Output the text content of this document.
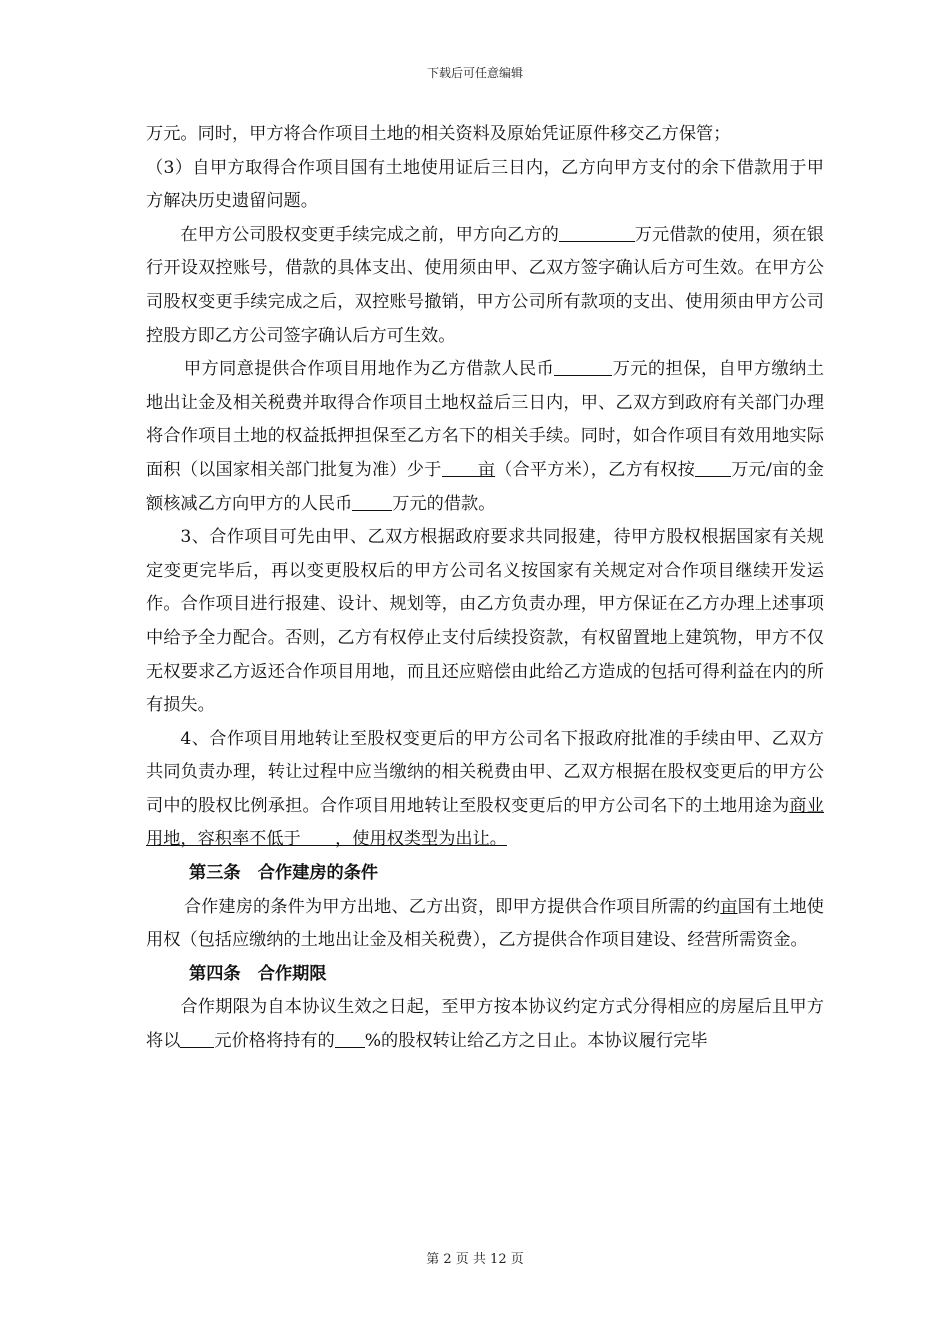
下载后可任意编辑

万元。同时，甲方将合作项目土地的相关资料及原始凭证原件移交乙方保管；

（3）自甲方取得合作项目国有土地使用证后三日内，乙方向甲方支付的余下借款用于甲方解决历史遗留问题。

在甲方公司股权变更手续完成之前，甲方向乙方的	万元借款的使用，须在银行开设双控账号，借款的具体支出、使用须由甲、乙双方签字确认后方可生效。在甲方公司股权变更手续完成之后，双控账号撤销，甲方公司所有款项的支出、使用须由甲方公司控股方即乙方公司签字确认后方可生效。

甲方同意提供合作项目用地作为乙方借款人民币	万元的担保，自甲方缴纳土地出让金及相关税费并取得合作项目土地权益后三日内，甲、乙双方到政府有关部门办理将合作项目土地的权益抵押担保至乙方名下的相关手续。同时，如合作项目有效用地实际面积（以国家相关部门批复为准）少于 亩（合平方米），乙方有权按 万元/亩的金额核减乙方向甲方的人民币 万元的借款。

3、合作项目可先由甲、乙双方根据政府要求共同报建，待甲方股权根据国家有关规定变更完毕后，再以变更股权后的甲方公司名义按国家有关规定对合作项目继续开发运作。合作项目进行报建、设计、规划等，由乙方负责办理，甲方保证在乙方办理上述事项中给予全力配合。否则，乙方有权停止支付后续投资款，有权留置地上建筑物，甲方不仅无权要求乙方返还合作项目用地，而且还应赔偿由此给乙方造成的包括可得利益在内的所有损失。

4、合作项目用地转让至股权变更后的甲方公司名下报政府批准的手续由甲、乙双方共同负责办理，转让过程中应当缴纳的相关税费由甲、乙双方根据在股权变更后的甲方公司中的股权比例承担。合作项目用地转让至股权变更后的甲方公司名下的土地用途为商业用地，容积率不低于　　，使用权类型为出让。

第三条　合作建房的条件

合作建房的条件为甲方出地、乙方出资，即甲方提供合作项目所需的约亩国有土地使用权（包括应缴纳的土地出让金及相关税费），乙方提供合作项目建设、经营所需资金。

第四条　合作期限

合作期限为自本协议生效之日起，至甲方按本协议约定方式分得相应的房屋后且甲方将以 元价格将持有的 %的股权转让给乙方之日止。本协议履行完毕

第 2 页 共 12 页
